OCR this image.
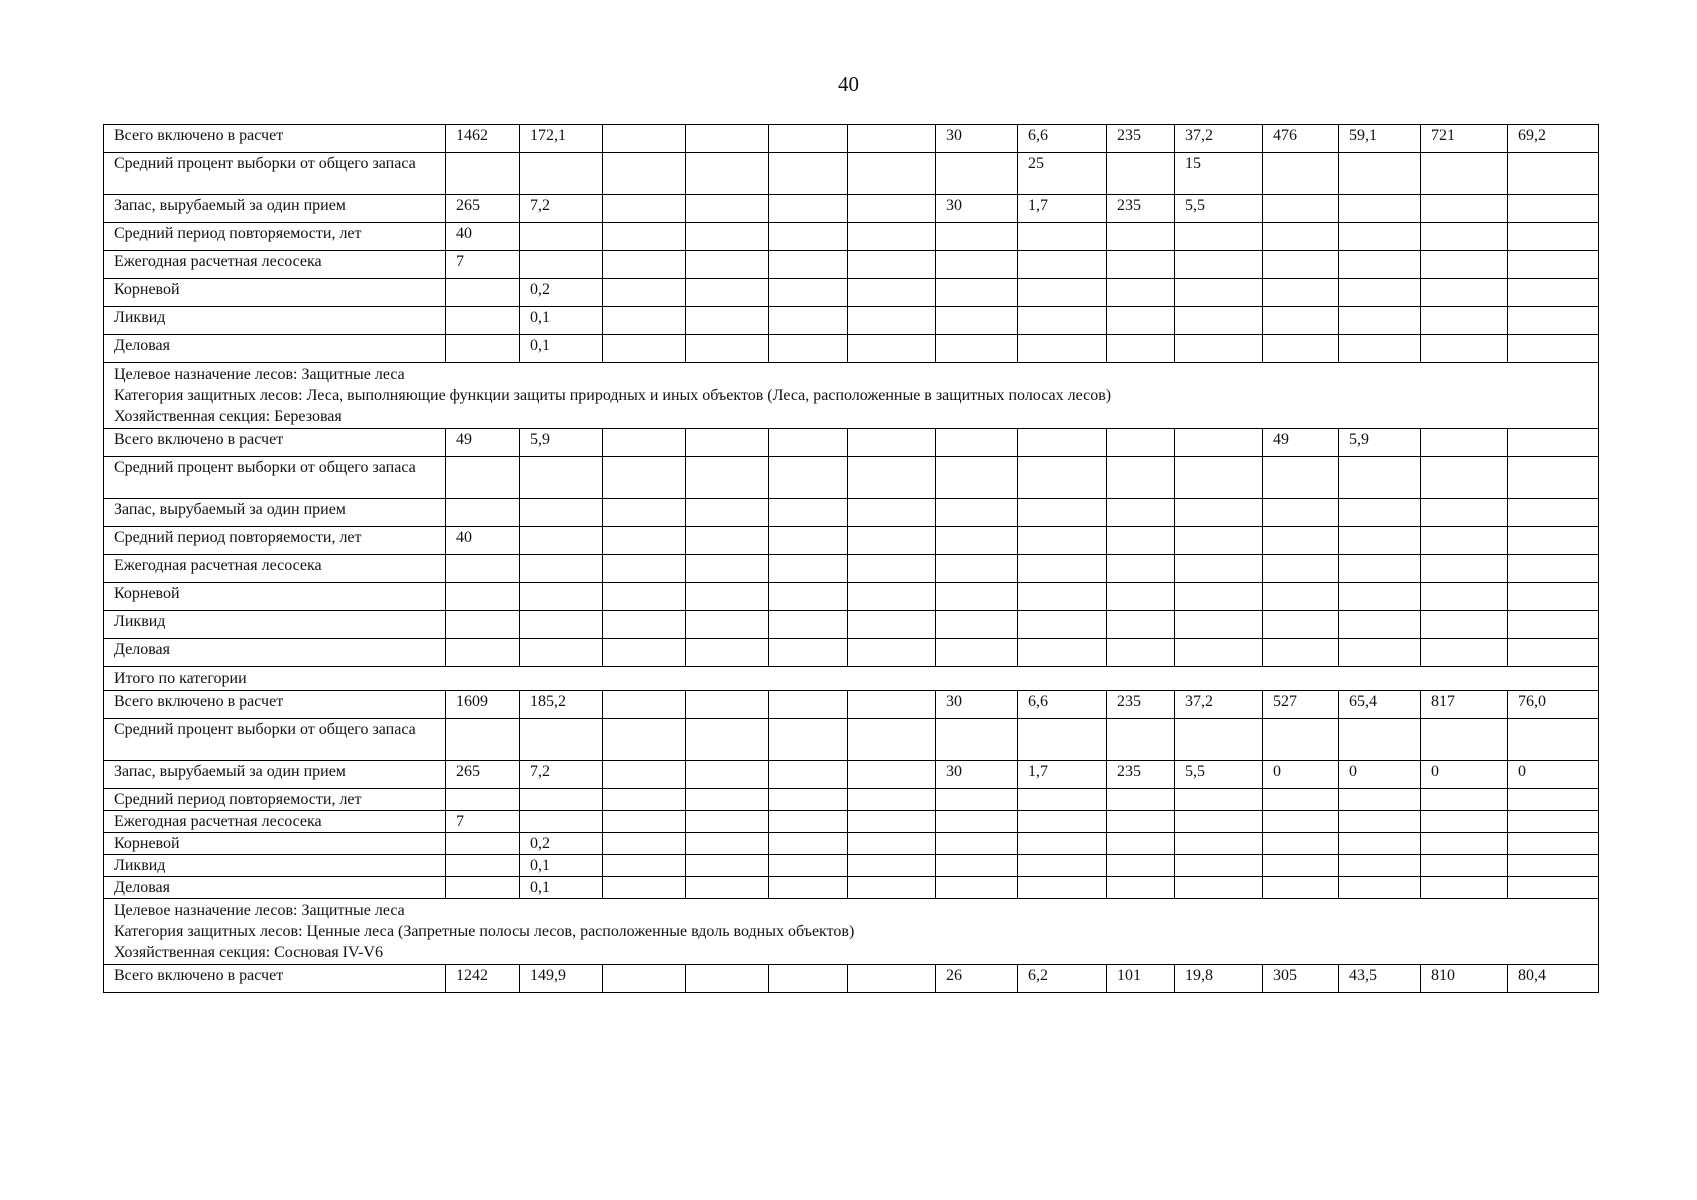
40
Всего включено в расчет	1462	172,1					30	6,6	235	37,2	476	59,1	721	69,2
Средний процент выборки от общего запаса								25		15				
Запас, вырубаемый за один прием	265	7,2					30	1,7	235	5,5				
Средний период повторяемости, лет	40													
Ежегодная расчетная лесосека	7													
Корневой		0,2												
Ликвид		0,1												
Деловая		0,1												

Целевое назначение лесов: Защитные леса
Категория защитных лесов: Леса, выполняющие функции защиты природных и иных объектов (Леса, расположенные в защитных полосах лесов)
Хозяйственная секция: Березовая														

Всего включено в расчет	49	5,9									49	5,9		
Средний процент выборки от общего запаса														
Запас, вырубаемый за один прием														
Средний период повторяемости, лет	40													
Ежегодная расчетная лесосека														
Корневой														
Ликвид														
Деловая														

Итого по категории														

Всего включено в расчет	1609	185,2					30	6,6	235	37,2	527	65,4	817	76,0
Средний процент выборки от общего запаса														
Запас, вырубаемый за один прием	265	7,2					30	1,7	235	5,5	0	0	0	0
Средний период повторяемости, лет														
Ежегодная расчетная лесосека	7													
Корневой		0,2												
Ликвид		0,1												
Деловая		0,1												

Целевое назначение лесов: Защитные леса
Категория защитных лесов: Ценные леса (Запретные полосы лесов, расположенные вдоль водных объектов)
Хозяйственная секция: Сосновая IV-V6														

Всего включено в расчет	1242	149,9					26	6,2	101	19,8	305	43,5	810	80,4
